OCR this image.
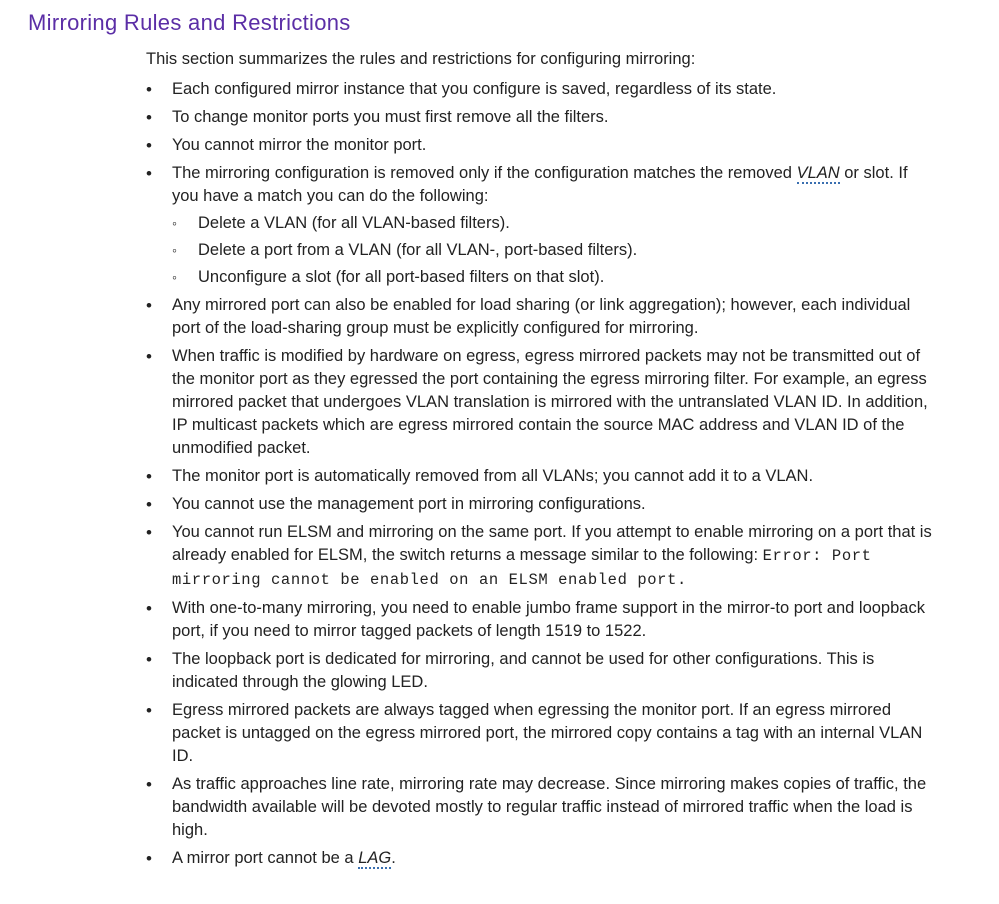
Mirroring Rules and Restrictions

This section summarizes the rules and restrictions for configuring mirroring:

• Each configured mirror instance that you configure is saved, regardless of its state.
• To change monitor ports you must first remove all the filters.
• You cannot mirror the monitor port.
• The mirroring configuration is removed only if the configuration matches the removed VLAN or slot. If you have a match you can do the following:
◦ Delete a VLAN (for all VLAN-based filters).
◦ Delete a port from a VLAN (for all VLAN-, port-based filters).
◦ Unconfigure a slot (for all port-based filters on that slot).
• Any mirrored port can also be enabled for load sharing (or link aggregation); however, each individual port of the load-sharing group must be explicitly configured for mirroring.
• When traffic is modified by hardware on egress, egress mirrored packets may not be transmitted out of the monitor port as they egressed the port containing the egress mirroring filter. For example, an egress mirrored packet that undergoes VLAN translation is mirrored with the untranslated VLAN ID. In addition, IP multicast packets which are egress mirrored contain the source MAC address and VLAN ID of the unmodified packet.
• The monitor port is automatically removed from all VLANs; you cannot add it to a VLAN.
• You cannot use the management port in mirroring configurations.
• You cannot run ELSM and mirroring on the same port. If you attempt to enable mirroring on a port that is already enabled for ELSM, the switch returns a message similar to the following: Error: Port mirroring cannot be enabled on an ELSM enabled port.
• With one-to-many mirroring, you need to enable jumbo frame support in the mirror-to port and loopback port, if you need to mirror tagged packets of length 1519 to 1522.
• The loopback port is dedicated for mirroring, and cannot be used for other configurations. This is indicated through the glowing LED.
• Egress mirrored packets are always tagged when egressing the monitor port. If an egress mirrored packet is untagged on the egress mirrored port, the mirrored copy contains a tag with an internal VLAN ID.
• As traffic approaches line rate, mirroring rate may decrease. Since mirroring makes copies of traffic, the bandwidth available will be devoted mostly to regular traffic instead of mirrored traffic when the load is high.
• A mirror port cannot be a LAG.
